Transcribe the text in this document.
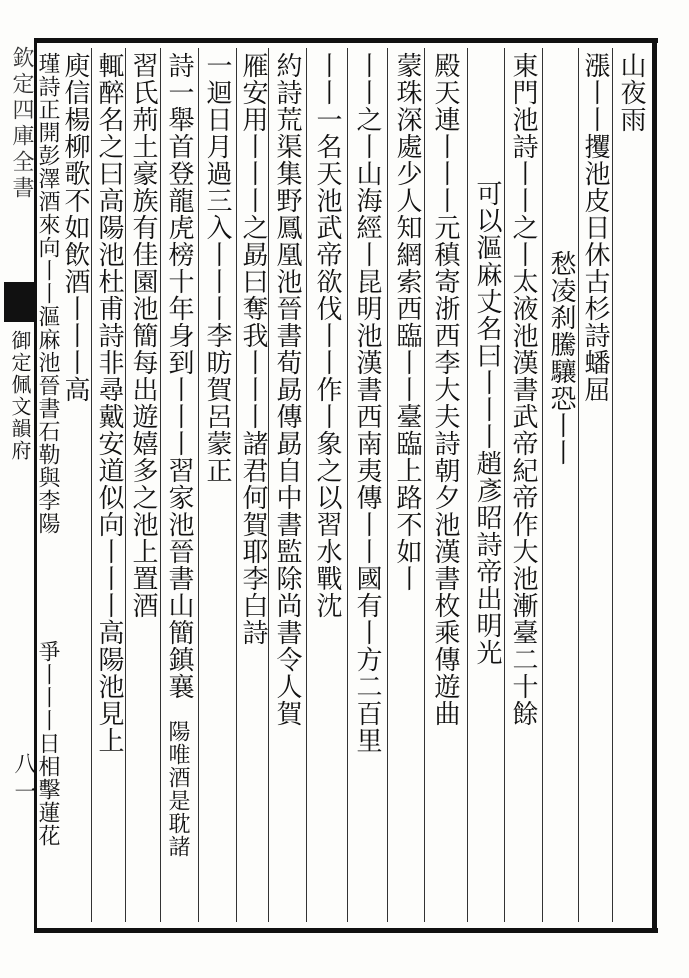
欽定四庫全書
御定佩文韻府
八一
山夜雨
漲丨丨攫池皮日休古杉詩蟠屈
愁凌刹騰驤恐丨丨
東門池詩丨丨之丨太液池漢書武帝紀帝作大池漸臺二十餘
可以漚麻丈名曰丨丨丨趙彥昭詩帝出明光
殿天連丨丨丨元稹寄浙西李大夫詩朝夕池漢書枚乘傳遊曲
蒙珠深處少人知網索西臨丨丨臺臨上路不如丨
丨丨之丨山海經丨昆明池漢書西南夷傳丨丨國有丨方二百里
丨丨一名天池武帝欲伐丨丨作丨象之以習水戰沈
約詩荒渠集野鳳凰池晉書荀勗傳勗自中書監除尚書令人賀
雁安用丨丨丨之勗曰奪我丨丨丨諸君何賀耶李白詩
一迴日月過三入丨丨丨李昉賀呂蒙正
詩一舉首登龍虎榜十年身到丨丨丨習家池晉書山簡鎮襄
陽唯酒是耽諸
習氏荊土豪族有佳園池簡每出遊嬉多之池上置酒
輒醉名之曰高陽池杜甫詩非尋戴安道似向丨丨丨高陽池見上
庾信楊柳歌不如飲酒丨丨丨高
瑾詩正開彭澤酒來向丨丨漚麻池晉書石勒與李陽
爭丨丨丨日相擊蓮花
